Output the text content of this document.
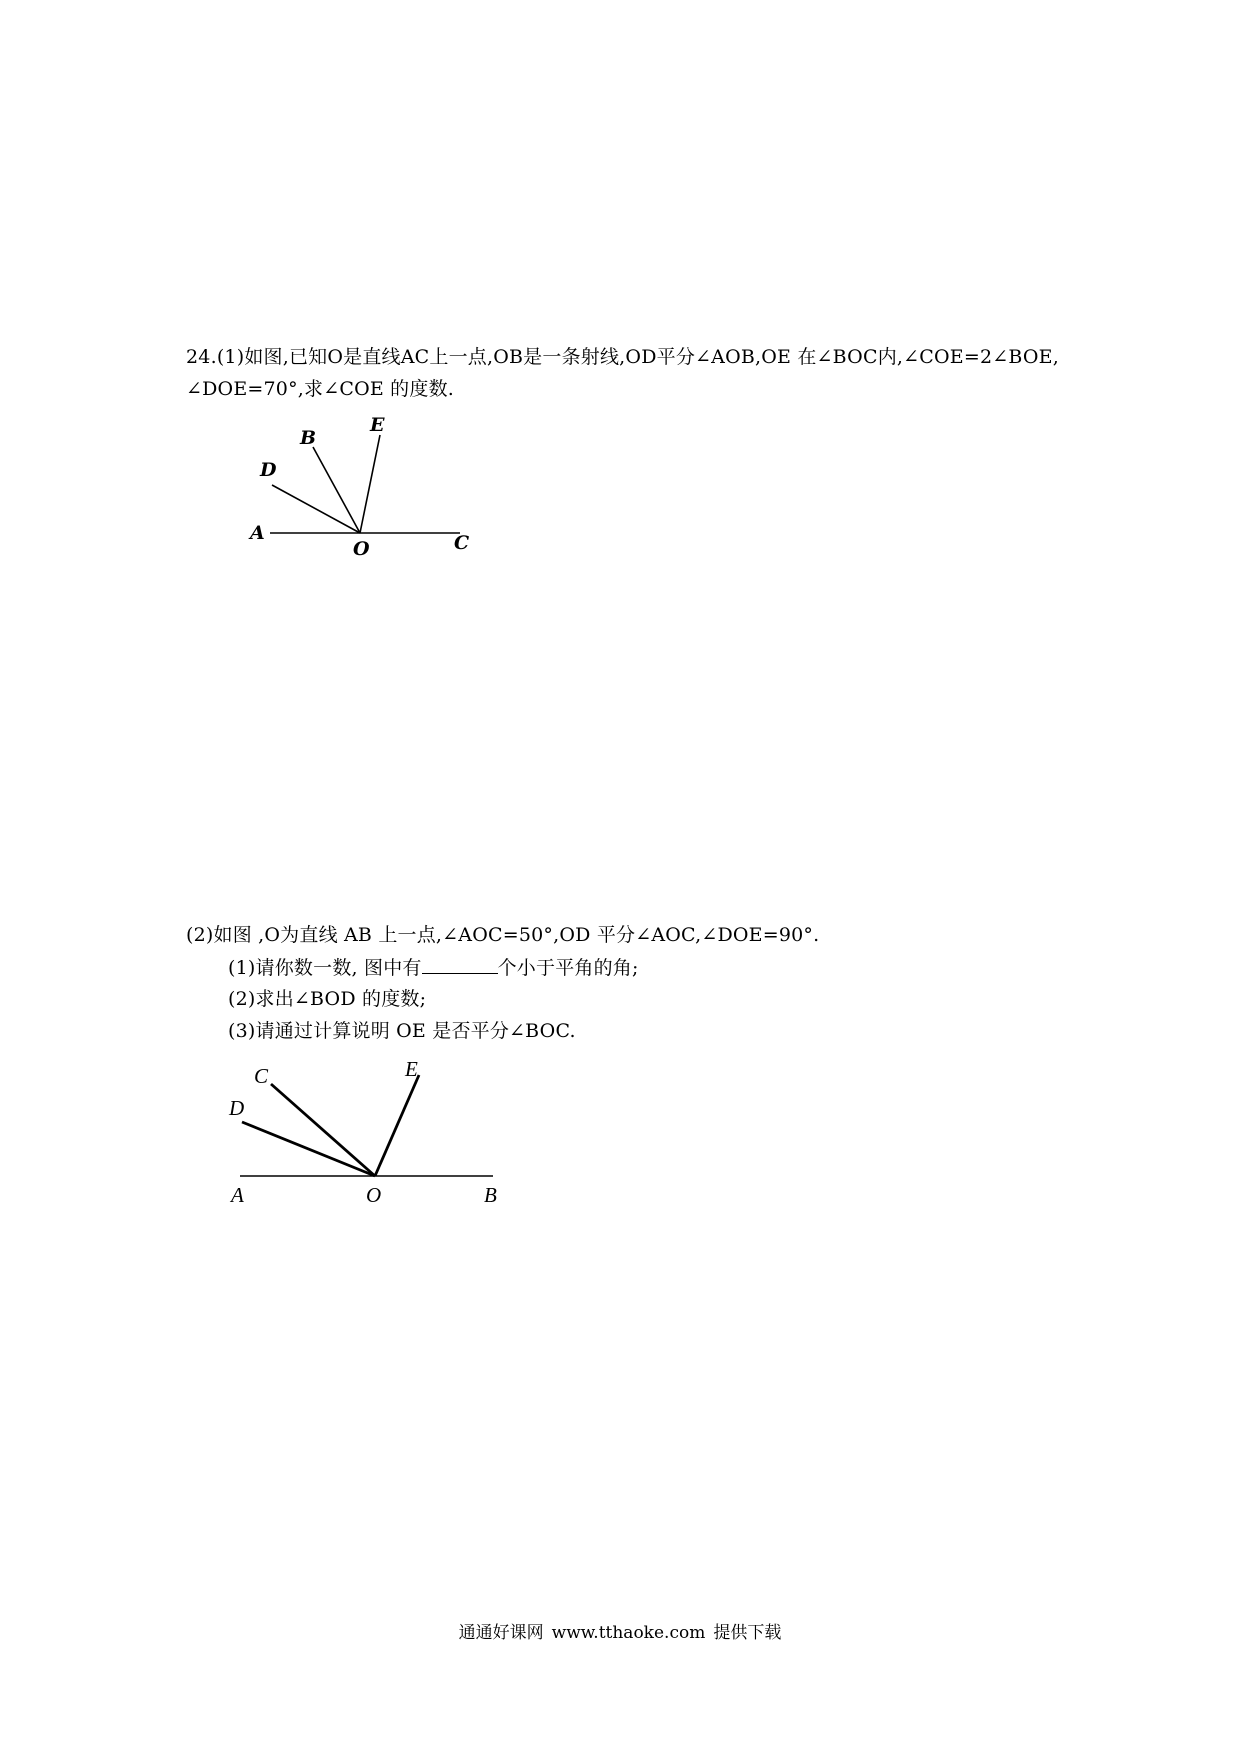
24.(1)如图,已知O是直线AC上一点,OB是一条射线,OD平分∠AOB,OE 在∠BOC内,∠COE=2∠BOE,
∠DOE=70°,求∠COE 的度数.
A
O	C
D
B
E
(2)如图 ,O为直线 AB 上一点,∠AOC=50°,OD 平分∠AOC,∠DOE=90°.
(1)请你数一数, 图中有	个小于平角的角;
(2)求出∠BOD 的度数;
(3)请通过计算说明 OE 是否平分∠BOC.
A	O	B
D
C	E
通通好课网 www.tthaoke.com 提供下载
